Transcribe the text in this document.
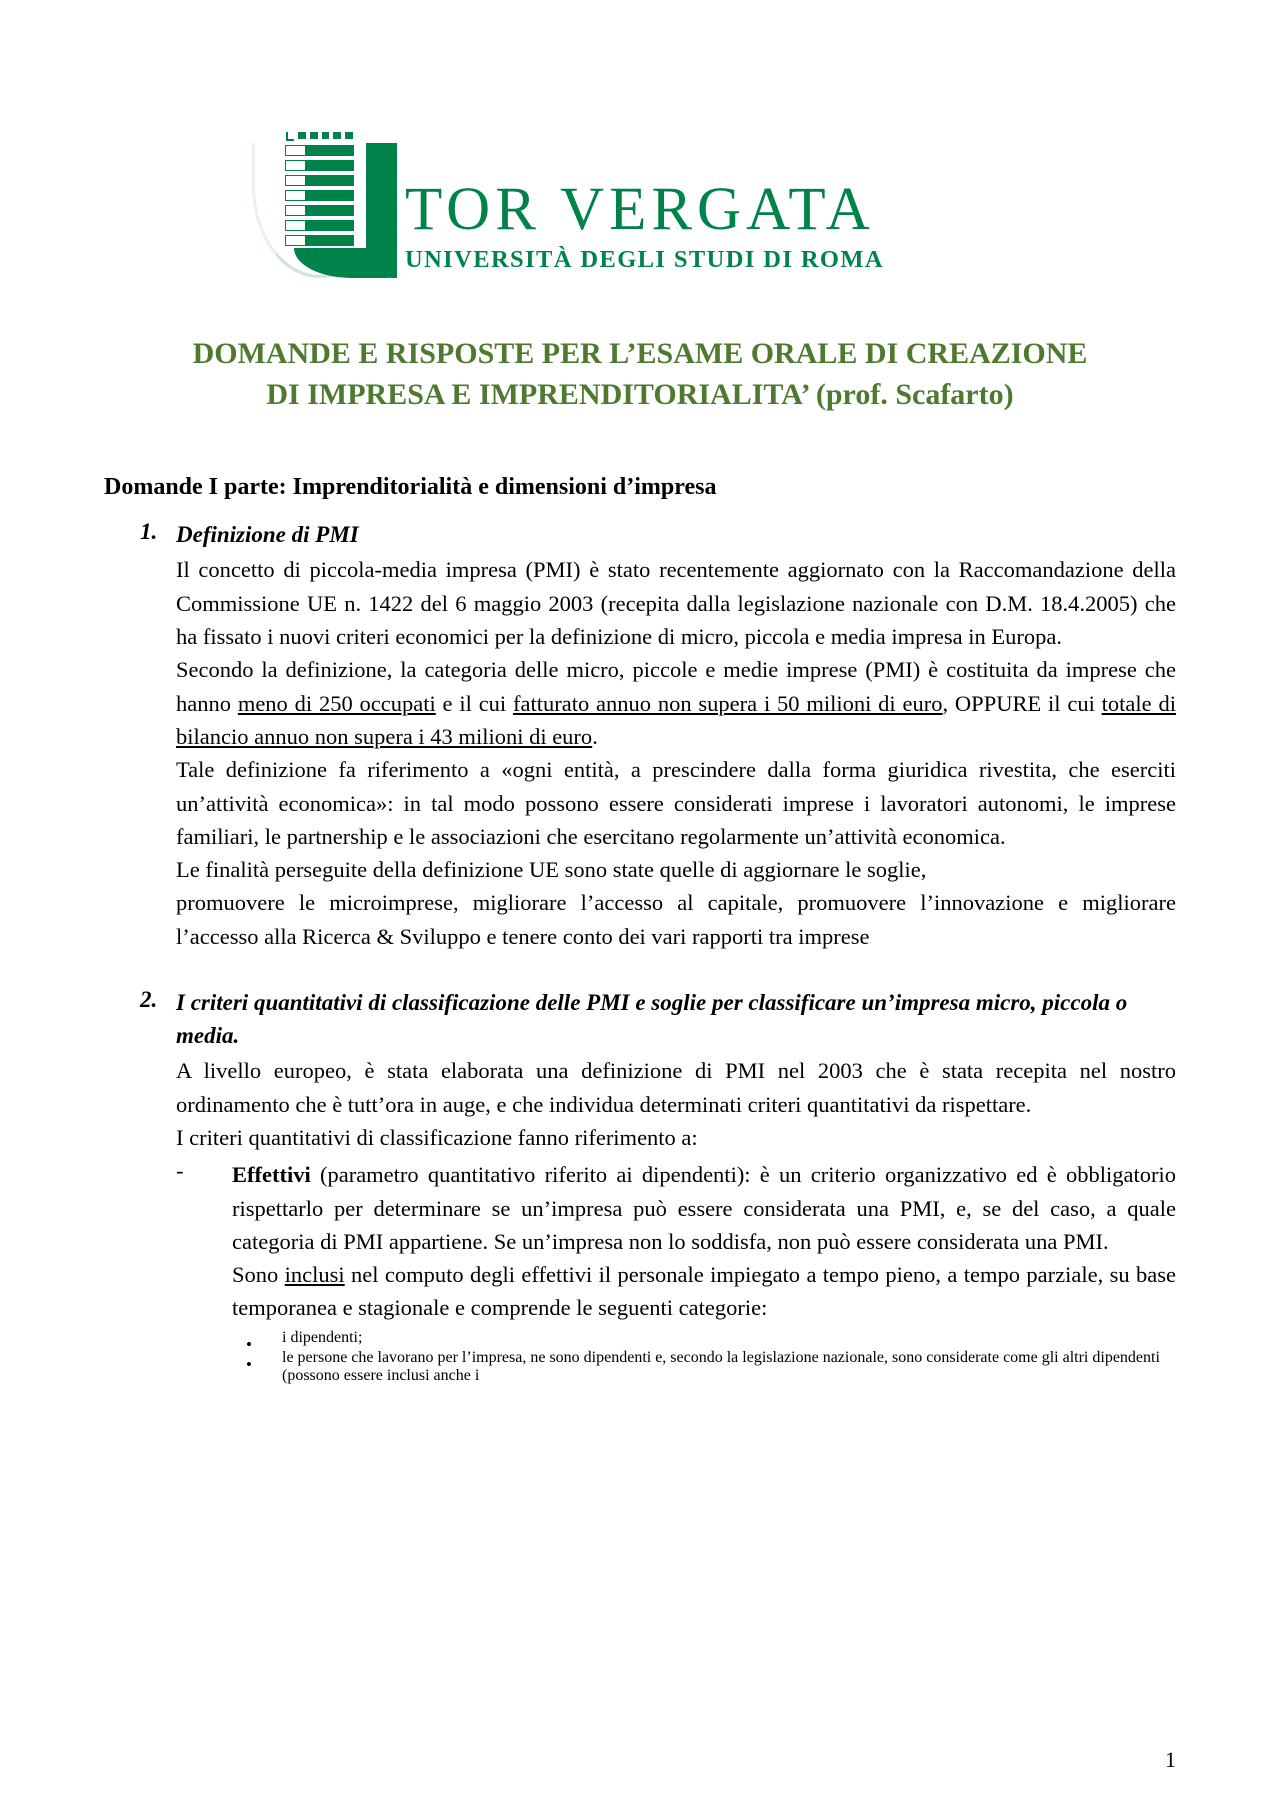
TOR VERGATA
UNIVERSITÀ DEGLI STUDI DI ROMA
DOMANDE E RISPOSTE PER L’ESAME ORALE DI CREAZIONE
DI IMPRESA E IMPRENDITORIALITA’ (prof. Scafarto)

Domande I parte: Imprenditorialità e dimensioni d’impresa

1. Definizione di PMI

Il concetto di piccola-media impresa (PMI) è stato recentemente aggiornato con la Raccomandazione della Commissione UE n. 1422 del 6 maggio 2003 (recepita dalla legislazione nazionale con D.M. 18.4.2005) che ha fissato i nuovi criteri economici per la definizione di micro, piccola e media impresa in Europa.

Secondo la definizione, la categoria delle micro, piccole e medie imprese (PMI) è costituita da imprese che hanno meno di 250 occupati e il cui fatturato annuo non supera i 50 milioni di euro, OPPURE il cui totale di bilancio annuo non supera i 43 milioni di euro.

Tale definizione fa riferimento a «ogni entità, a prescindere dalla forma giuridica rivestita, che eserciti un’attività economica»: in tal modo possono essere considerati imprese i lavoratori autonomi, le imprese familiari, le partnership e le associazioni che esercitano regolarmente un’attività economica.

Le finalità perseguite della definizione UE sono state quelle di aggiornare le soglie,

promuovere le microimprese, migliorare l’accesso al capitale, promuovere l’innovazione e migliorare l’accesso alla Ricerca & Sviluppo e tenere conto dei vari rapporti tra imprese

2. I criteri quantitativi di classificazione delle PMI e soglie per classificare un’impresa micro, piccola o media.

A livello europeo, è stata elaborata una definizione di PMI nel 2003 che è stata recepita nel nostro ordinamento che è tutt’ora in auge, e che individua determinati criteri quantitativi da rispettare.

I criteri quantitativi di classificazione fanno riferimento a:

- Effettivi (parametro quantitativo riferito ai dipendenti): è un criterio organizzativo ed è obbligatorio rispettarlo per determinare se un’impresa può essere considerata una PMI, e, se del caso, a quale categoria di PMI appartiene. Se un’impresa non lo soddisfa, non può essere considerata una PMI.

Sono inclusi nel computo degli effettivi il personale impiegato a tempo pieno, a tempo parziale, su base temporanea e stagionale e comprende le seguenti categorie:

• i dipendenti;
• le persone che lavorano per l’impresa, ne sono dipendenti e, secondo la legislazione nazionale, sono considerate come gli altri dipendenti (possono essere inclusi anche i
1
